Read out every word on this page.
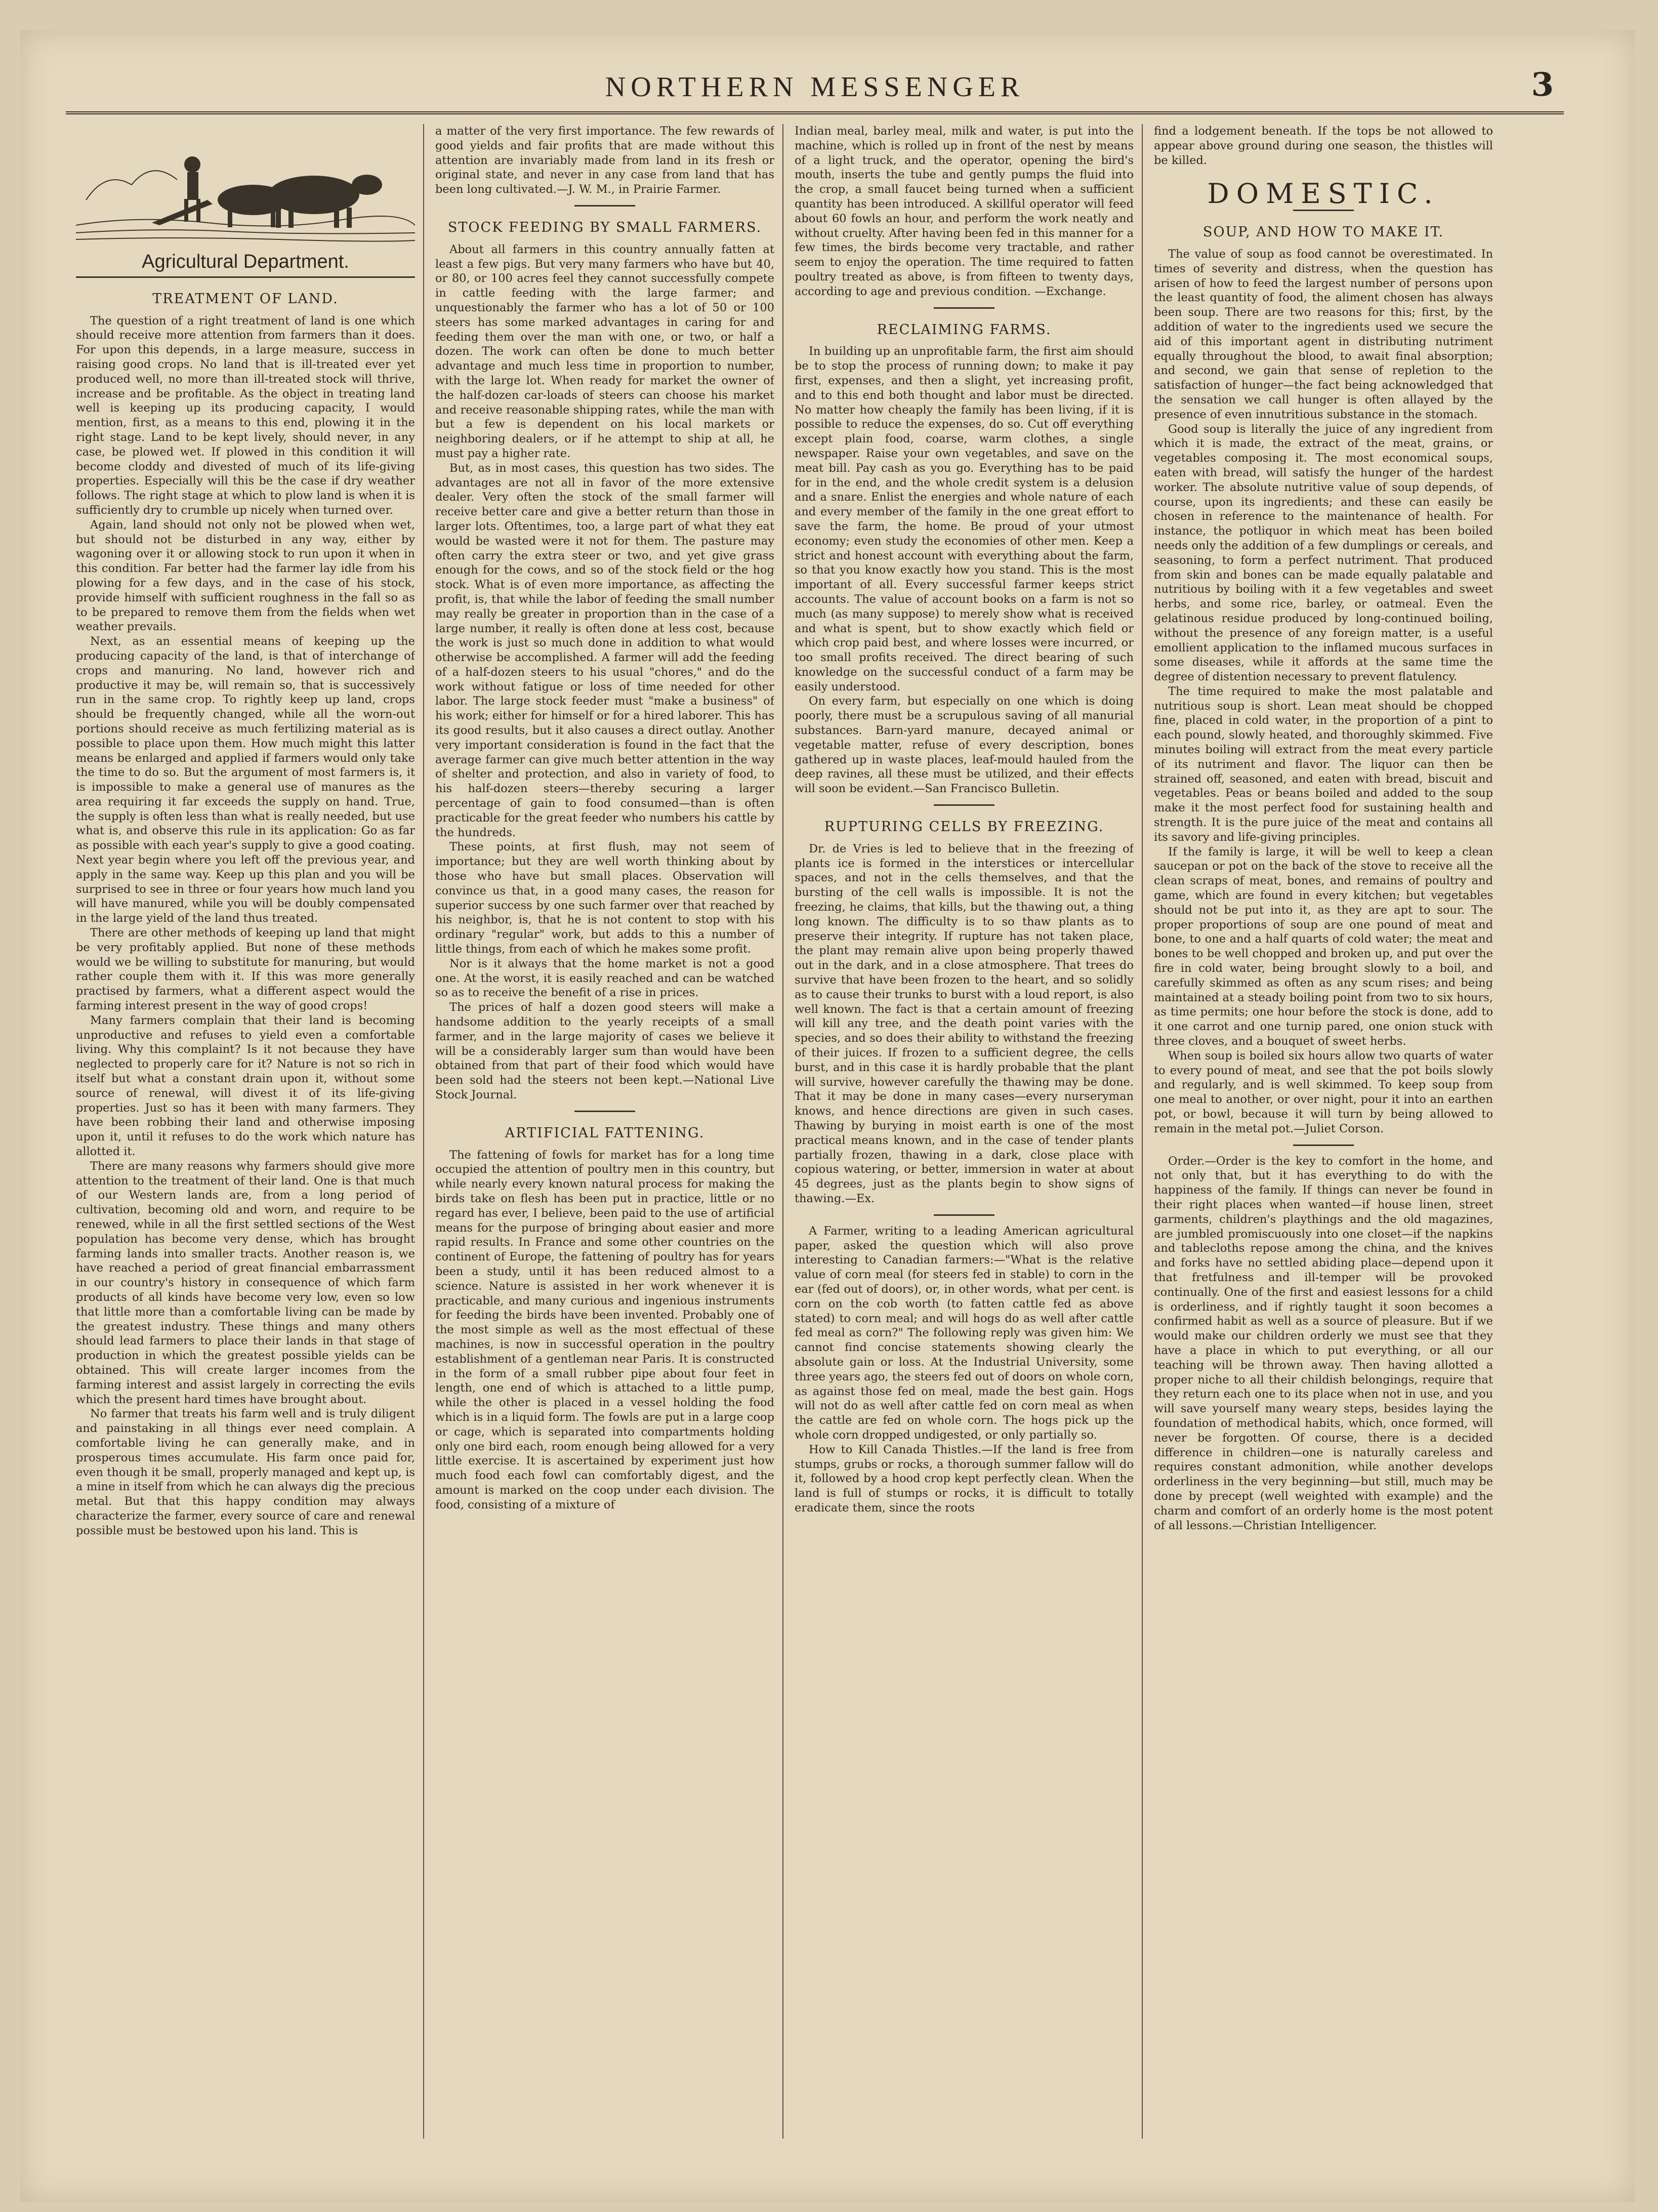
NORTHERN MESSENGER	3
Agricultural Department.
TREATMENT OF LAND.

The question of a right treatment of land is one which should receive more attention from farmers than it does. For upon this depends, in a large measure, success in raising good crops. No land that is ill-treated ever yet produced well, no more than ill-treated stock will thrive, increase and be profitable. As the object in treating land well is keeping up its producing capacity, I would mention, first, as a means to this end, plowing it in the right stage. Land to be kept lively, should never, in any case, be plowed wet. If plowed in this condition it will become cloddy and divested of much of its life-giving properties. Especially will this be the case if dry weather follows. The right stage at which to plow land is when it is sufficiently dry to crumble up nicely when turned over.

Again, land should not only not be plowed when wet, but should not be disturbed in any way, either by wagoning over it or allowing stock to run upon it when in this condition. Far better had the farmer lay idle from his plowing for a few days, and in the case of his stock, provide himself with sufficient roughness in the fall so as to be prepared to remove them from the fields when wet weather prevails.

Next, as an essential means of keeping up the producing capacity of the land, is that of interchange of crops and manuring. No land, however rich and productive it may be, will remain so, that is successively run in the same crop. To rightly keep up land, crops should be frequently changed, while all the worn-out portions should receive as much fertilizing material as is possible to place upon them. How much might this latter means be enlarged and applied if farmers would only take the time to do so. But the argument of most farmers is, it is impossible to make a general use of manures as the area requiring it far exceeds the supply on hand. True, the supply is often less than what is really needed, but use what is, and observe this rule in its application: Go as far as possible with each year's supply to give a good coating. Next year begin where you left off the previous year, and apply in the same way. Keep up this plan and you will be surprised to see in three or four years how much land you will have manured, while you will be doubly compensated in the large yield of the land thus treated.

There are other methods of keeping up land that might be very profitably applied. But none of these methods would we be willing to substitute for manuring, but would rather couple them with it. If this was more generally practised by farmers, what a different aspect would the farming interest present in the way of good crops!

Many farmers complain that their land is becoming unproductive and refuses to yield even a comfortable living. Why this complaint? Is it not because they have neglected to properly care for it? Nature is not so rich in itself but what a constant drain upon it, without some source of renewal, will divest it of its life-giving properties. Just so has it been with many farmers. They have been robbing their land and otherwise imposing upon it, until it refuses to do the work which nature has allotted it.

There are many reasons why farmers should give more attention to the treatment of their land. One is that much of our Western lands are, from a long period of cultivation, becoming old and worn, and require to be renewed, while in all the first settled sections of the West population has become very dense, which has brought farming lands into smaller tracts. Another reason is, we have reached a period of great financial embarrassment in our country's history in consequence of which farm products of all kinds have become very low, even so low that little more than a comfortable living can be made by the greatest industry. These things and many others should lead farmers to place their lands in that stage of production in which the greatest possible yields can be obtained. This will create larger incomes from the farming interest and assist largely in correcting the evils which the present hard times have brought about.

No farmer that treats his farm well and is truly diligent and painstaking in all things ever need complain. A comfortable living he can generally make, and in prosperous times accumulate. His farm once paid for, even though it be small, properly managed and kept up, is a mine in itself from which he can always dig the precious metal. But that this happy condition may always characterize the farmer, every source of care and renewal possible must be bestowed upon his land. This is

a matter of the very first importance. The few rewards of good yields and fair profits that are made without this attention are invariably made from land in its fresh or original state, and never in any case from land that has been long cultivated.—J. W. M., in Prairie Farmer.

STOCK FEEDING BY SMALL FARMERS.

About all farmers in this country annually fatten at least a few pigs. But very many farmers who have but 40, or 80, or 100 acres feel they cannot successfully compete in cattle feeding with the large farmer; and unquestionably the farmer who has a lot of 50 or 100 steers has some marked advantages in caring for and feeding them over the man with one, or two, or half a dozen. The work can often be done to much better advantage and much less time in proportion to number, with the large lot. When ready for market the owner of the half-dozen car-loads of steers can choose his market and receive reasonable shipping rates, while the man with but a few is dependent on his local markets or neighboring dealers, or if he attempt to ship at all, he must pay a higher rate.

But, as in most cases, this question has two sides. The advantages are not all in favor of the more extensive dealer. Very often the stock of the small farmer will receive better care and give a better return than those in larger lots. Oftentimes, too, a large part of what they eat would be wasted were it not for them. The pasture may often carry the extra steer or two, and yet give grass enough for the cows, and so of the stock field or the hog stock. What is of even more importance, as affecting the profit, is, that while the labor of feeding the small number may really be greater in proportion than in the case of a large number, it really is often done at less cost, because the work is just so much done in addition to what would otherwise be accomplished. A farmer will add the feeding of a half-dozen steers to his usual "chores," and do the work without fatigue or loss of time needed for other labor. The large stock feeder must "make a business" of his work; either for himself or for a hired laborer. This has its good results, but it also causes a direct outlay. Another very important consideration is found in the fact that the average farmer can give much better attention in the way of shelter and protection, and also in variety of food, to his half-dozen steers—thereby securing a larger percentage of gain to food consumed—than is often practicable for the great feeder who numbers his cattle by the hundreds.

These points, at first flush, may not seem of importance; but they are well worth thinking about by those who have but small places. Observation will convince us that, in a good many cases, the reason for superior success by one such farmer over that reached by his neighbor, is, that he is not content to stop with his ordinary "regular" work, but adds to this a number of little things, from each of which he makes some profit.

Nor is it always that the home market is not a good one. At the worst, it is easily reached and can be watched so as to receive the benefit of a rise in prices.

The prices of half a dozen good steers will make a handsome addition to the yearly receipts of a small farmer, and in the large majority of cases we believe it will be a considerably larger sum than would have been obtained from that part of their food which would have been sold had the steers not been kept.—National Live Stock Journal.

ARTIFICIAL FATTENING.

The fattening of fowls for market has for a long time occupied the attention of poultry men in this country, but while nearly every known natural process for making the birds take on flesh has been put in practice, little or no regard has ever, I believe, been paid to the use of artificial means for the purpose of bringing about easier and more rapid results. In France and some other countries on the continent of Europe, the fattening of poultry has for years been a study, until it has been reduced almost to a science. Nature is assisted in her work whenever it is practicable, and many curious and ingenious instruments for feeding the birds have been invented. Probably one of the most simple as well as the most effectual of these machines, is now in successful operation in the poultry establishment of a gentleman near Paris. It is constructed in the form of a small rubber pipe about four feet in length, one end of which is attached to a little pump, while the other is placed in a vessel holding the food which is in a liquid form. The fowls are put in a large coop or cage, which is separated into compartments holding only one bird each, room enough being allowed for a very little exercise. It is ascertained by experiment just how much food each fowl can comfortably digest, and the amount is marked on the coop under each division. The food, consisting of a mixture of

Indian meal, barley meal, milk and water, is put into the machine, which is rolled up in front of the nest by means of a light truck, and the operator, opening the bird's mouth, inserts the tube and gently pumps the fluid into the crop, a small faucet being turned when a sufficient quantity has been introduced. A skillful operator will feed about 60 fowls an hour, and perform the work neatly and without cruelty. After having been fed in this manner for a few times, the birds become very tractable, and rather seem to enjoy the operation. The time required to fatten poultry treated as above, is from fifteen to twenty days, according to age and previous condition. —Exchange.

RECLAIMING FARMS.

In building up an unprofitable farm, the first aim should be to stop the process of running down; to make it pay first, expenses, and then a slight, yet increasing profit, and to this end both thought and labor must be directed. No matter how cheaply the family has been living, if it is possible to reduce the expenses, do so. Cut off everything except plain food, coarse, warm clothes, a single newspaper. Raise your own vegetables, and save on the meat bill. Pay cash as you go. Everything has to be paid for in the end, and the whole credit system is a delusion and a snare. Enlist the energies and whole nature of each and every member of the family in the one great effort to save the farm, the home. Be proud of your utmost economy; even study the economies of other men. Keep a strict and honest account with everything about the farm, so that you know exactly how you stand. This is the most important of all. Every successful farmer keeps strict accounts. The value of account books on a farm is not so much (as many suppose) to merely show what is received and what is spent, but to show exactly which field or which crop paid best, and where losses were incurred, or too small profits received. The direct bearing of such knowledge on the successful conduct of a farm may be easily understood.

On every farm, but especially on one which is doing poorly, there must be a scrupulous saving of all manurial substances. Barn-yard manure, decayed animal or vegetable matter, refuse of every description, bones gathered up in waste places, leaf-mould hauled from the deep ravines, all these must be utilized, and their effects will soon be evident.—San Francisco Bulletin.

RUPTURING CELLS BY FREEZING.

Dr. de Vries is led to believe that in the freezing of plants ice is formed in the interstices or intercellular spaces, and not in the cells themselves, and that the bursting of the cell walls is impossible. It is not the freezing, he claims, that kills, but the thawing out, a thing long known. The difficulty is to so thaw plants as to preserve their integrity. If rupture has not taken place, the plant may remain alive upon being properly thawed out in the dark, and in a close atmosphere. That trees do survive that have been frozen to the heart, and so solidly as to cause their trunks to burst with a loud report, is also well known. The fact is that a certain amount of freezing will kill any tree, and the death point varies with the species, and so does their ability to withstand the freezing of their juices. If frozen to a sufficient degree, the cells burst, and in this case it is hardly probable that the plant will survive, however carefully the thawing may be done. That it may be done in many cases—every nurseryman knows, and hence directions are given in such cases. Thawing by burying in moist earth is one of the most practical means known, and in the case of tender plants partially frozen, thawing in a dark, close place with copious watering, or better, immersion in water at about 45 degrees, just as the plants begin to show signs of thawing.—Ex.

A Farmer, writing to a leading American agricultural paper, asked the question which will also prove interesting to Canadian farmers:—"What is the relative value of corn meal (for steers fed in stable) to corn in the ear (fed out of doors), or, in other words, what per cent. is corn on the cob worth (to fatten cattle fed as above stated) to corn meal; and will hogs do as well after cattle fed meal as corn?" The following reply was given him: We cannot find concise statements showing clearly the absolute gain or loss. At the Industrial University, some three years ago, the steers fed out of doors on whole corn, as against those fed on meal, made the best gain. Hogs will not do as well after cattle fed on corn meal as when the cattle are fed on whole corn. The hogs pick up the whole corn dropped undigested, or only partially so.

How to Kill Canada Thistles.—If the land is free from stumps, grubs or rocks, a thorough summer fallow will do it, followed by a hood crop kept perfectly clean. When the land is full of stumps or rocks, it is difficult to totally eradicate them, since the roots

find a lodgement beneath. If the tops be not allowed to appear above ground during one season, the thistles will be killed.

DOMESTIC.
SOUP, AND HOW TO MAKE IT.

The value of soup as food cannot be overestimated. In times of severity and distress, when the question has arisen of how to feed the largest number of persons upon the least quantity of food, the aliment chosen has always been soup. There are two reasons for this; first, by the addition of water to the ingredients used we secure the aid of this important agent in distributing nutriment equally throughout the blood, to await final absorption; and second, we gain that sense of repletion to the satisfaction of hunger—the fact being acknowledged that the sensation we call hunger is often allayed by the presence of even innutritious substance in the stomach.

Good soup is literally the juice of any ingredient from which it is made, the extract of the meat, grains, or vegetables composing it. The most economical soups, eaten with bread, will satisfy the hunger of the hardest worker. The absolute nutritive value of soup depends, of course, upon its ingredients; and these can easily be chosen in reference to the maintenance of health. For instance, the potliquor in which meat has been boiled needs only the addition of a few dumplings or cereals, and seasoning, to form a perfect nutriment. That produced from skin and bones can be made equally palatable and nutritious by boiling with it a few vegetables and sweet herbs, and some rice, barley, or oatmeal. Even the gelatinous residue produced by long-continued boiling, without the presence of any foreign matter, is a useful emollient application to the inflamed mucous surfaces in some diseases, while it affords at the same time the degree of distention necessary to prevent flatulency.

The time required to make the most palatable and nutritious soup is short. Lean meat should be chopped fine, placed in cold water, in the proportion of a pint to each pound, slowly heated, and thoroughly skimmed. Five minutes boiling will extract from the meat every particle of its nutriment and flavor. The liquor can then be strained off, seasoned, and eaten with bread, biscuit and vegetables. Peas or beans boiled and added to the soup make it the most perfect food for sustaining health and strength. It is the pure juice of the meat and contains all its savory and life-giving principles.

If the family is large, it will be well to keep a clean saucepan or pot on the back of the stove to receive all the clean scraps of meat, bones, and remains of poultry and game, which are found in every kitchen; but vegetables should not be put into it, as they are apt to sour. The proper proportions of soup are one pound of meat and bone, to one and a half quarts of cold water; the meat and bones to be well chopped and broken up, and put over the fire in cold water, being brought slowly to a boil, and carefully skimmed as often as any scum rises; and being maintained at a steady boiling point from two to six hours, as time permits; one hour before the stock is done, add to it one carrot and one turnip pared, one onion stuck with three cloves, and a bouquet of sweet herbs.

When soup is boiled six hours allow two quarts of water to every pound of meat, and see that the pot boils slowly and regularly, and is well skimmed. To keep soup from one meal to another, or over night, pour it into an earthen pot, or bowl, because it will turn by being allowed to remain in the metal pot.—Juliet Corson.

Order.—Order is the key to comfort in the home, and not only that, but it has everything to do with the happiness of the family. If things can never be found in their right places when wanted—if house linen, street garments, children's playthings and the old magazines, are jumbled promiscuously into one closet—if the napkins and tablecloths repose among the china, and the knives and forks have no settled abiding place—depend upon it that fretfulness and ill-temper will be provoked continually. One of the first and easiest lessons for a child is orderliness, and if rightly taught it soon becomes a confirmed habit as well as a source of pleasure. But if we would make our children orderly we must see that they have a place in which to put everything, or all our teaching will be thrown away. Then having allotted a proper niche to all their childish belongings, require that they return each one to its place when not in use, and you will save yourself many weary steps, besides laying the foundation of methodical habits, which, once formed, will never be forgotten. Of course, there is a decided difference in children—one is naturally careless and requires constant admonition, while another develops orderliness in the very beginning—but still, much may be done by precept (well weighted with example) and the charm and comfort of an orderly home is the most potent of all lessons.—Christian Intelligencer.
